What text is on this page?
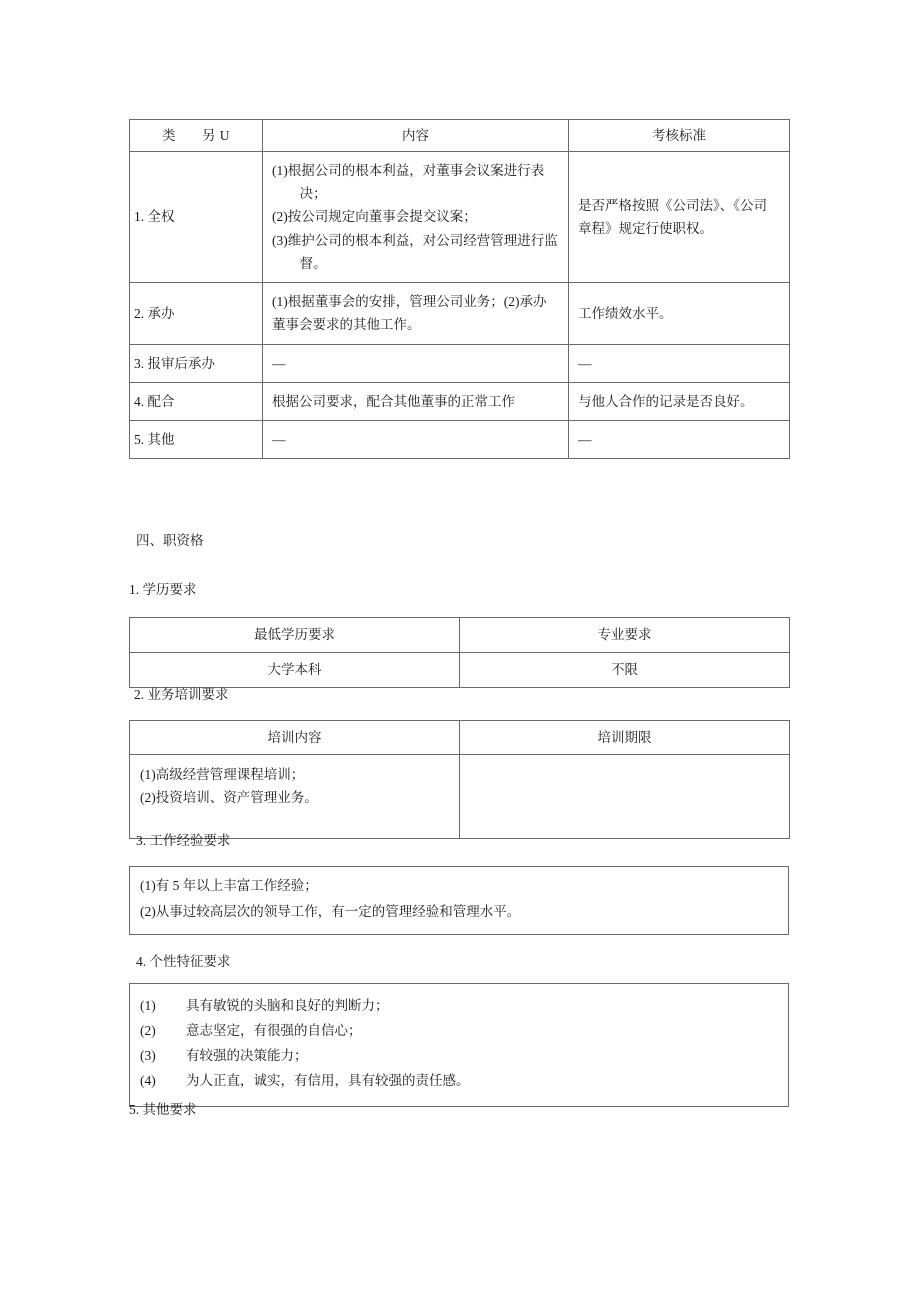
类 另 U	内容	考核标准
1. 全权	(1)根据公司的根本利益，对董事会议案进行表决；
(2)按公司规定向董事会提交议案；
(3)维护公司的根本利益，对公司经营管理进行监督。	是否严格按照《公司法》、《公司章程》规定行使职权。
2. 承办	(1)根据董事会的安排，管理公司业务；(2)承办董事会要求的其他工作。	工作绩效水平。
3. 报审后承办	—	—
4. 配合	根据公司要求，配合其他董事的正常工作	与他人合作的记录是否良好。
5. 其他	—	—
四、职资格
1. 学历要求
最低学历要求	专业要求
大学本科	不限
2. 业务培训要求
培训内容	培训期限

(1)高级经营管理课程培训；
(2)投资培训、资产管理业务。	

3. 工作经验要求
(1)有 5 年以上丰富工作经验；
(2)从事过较高层次的领导工作，有一定的管理经验和管理水平。
4. 个性特征要求
(1) 具有敏锐的头脑和良好的判断力；
(2) 意志坚定，有很强的自信心；
(3) 有较强的决策能力；
(4) 为人正直，诚实，有信用，具有较强的责任感。
5. 其他要求
